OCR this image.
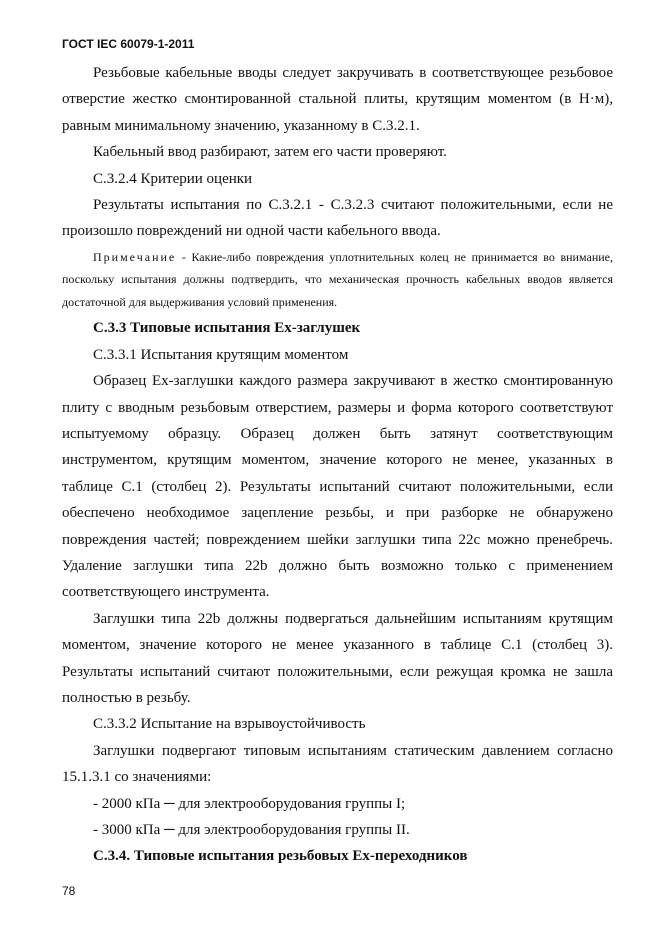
ГОСТ IEC 60079-1-2011

Резьбовые кабельные вводы следует закручивать в соответствующее резьбовое отверстие жестко смонтированной стальной плиты, крутящим моментом (в Н·м), равным минимальному значению, указанному в С.3.2.1.

Кабельный ввод разбирают, затем его части проверяют.

С.3.2.4 Критерии оценки

Результаты испытания по С.3.2.1 - С.3.2.3 считают положительными, если не произошло повреждений ни одной части кабельного ввода.

Примечание - Какие-либо повреждения уплотнительных колец не принимается во внимание, поскольку испытания должны подтвердить, что механическая прочность кабельных вводов является достаточной для выдерживания условий применения.

С.3.3 Типовые испытания Ex-заглушек

С.3.3.1 Испытания крутящим моментом

Образец Ex-заглушки каждого размера закручивают в жестко смонтированную плиту с вводным резьбовым отверстием, размеры и форма которого соответствуют испытуемому образцу. Образец должен быть затянут соответствующим инструментом, крутящим моментом, значение которого не менее, указанных в таблице С.1 (столбец 2). Результаты испытаний считают положительными, если обеспечено необходимое зацепление резьбы, и при разборке не обнаружено повреждения частей; повреждением шейки заглушки типа 22с можно пренебречь. Удаление заглушки типа 22b должно быть возможно только с применением соответствующего инструмента.

Заглушки типа 22b должны подвергаться дальнейшим испытаниям крутящим моментом, значение которого не менее указанного в таблице С.1 (столбец 3). Результаты испытаний считают положительными, если режущая кромка не зашла полностью в резьбу.

С.3.3.2 Испытание на взрывоустойчивость

Заглушки подвергают типовым испытаниям статическим давлением согласно 15.1.3.1 со значениями:

- 2000 кПа ─ для электрооборудования группы I;

- 3000 кПа ─ для электрооборудования группы II.

С.3.4. Типовые испытания резьбовых Ex-переходников

78
